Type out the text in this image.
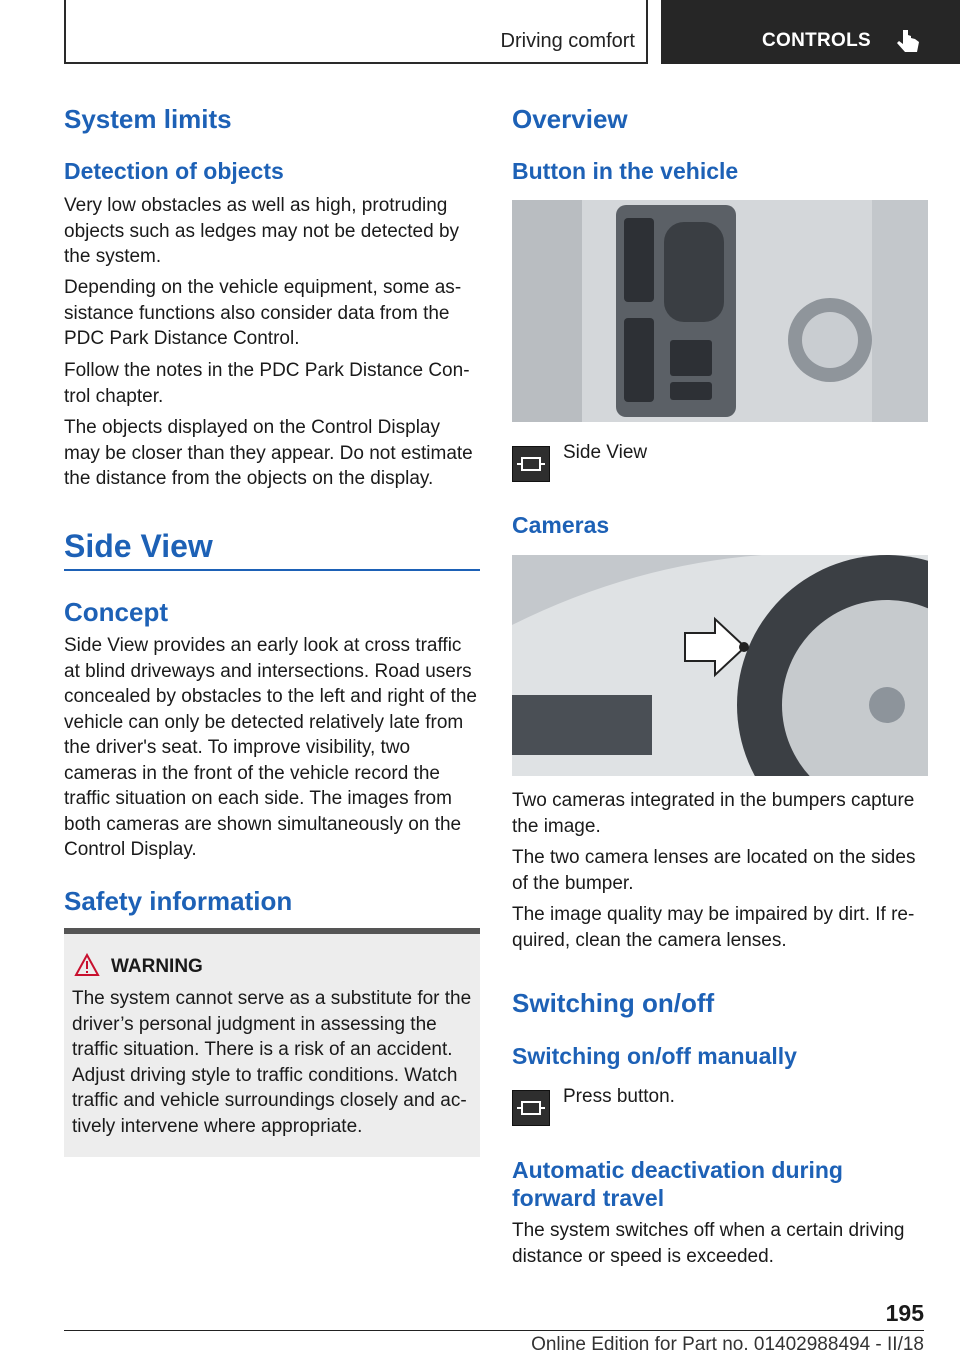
Driving comfort	CONTROLS
System limits
Detection of objects
Very low obstacles as well as high, protruding objects such as ledges may not be detected by the system.
Depending on the vehicle equipment, some assistance functions also consider data from the PDC Park Distance Control.
Follow the notes in the PDC Park Distance Control chapter.
The objects displayed on the Control Display may be closer than they appear. Do not estimate the distance from the objects on the display.
Side View
Concept
Side View provides an early look at cross traffic at blind driveways and intersections. Road users concealed by obstacles to the left and right of the vehicle can only be detected relatively late from the driver's seat. To improve visibility, two cameras in the front of the vehicle record the traffic situation on each side. The images from both cameras are shown simultaneously on the Control Display.
Safety information
WARNING
The system cannot serve as a substitute for the driver’s personal judgment in assessing the traffic situation. There is a risk of an accident. Adjust driving style to traffic conditions. Watch traffic and vehicle surroundings closely and actively intervene where appropriate.
Overview
Button in the vehicle
Side View
Cameras
Two cameras integrated in the bumpers capture the image.
The two camera lenses are located on the sides of the bumper.
The image quality may be impaired by dirt. If required, clean the camera lenses.
Switching on/off
Switching on/off manually
Press button.
Automatic deactivation during forward travel
The system switches off when a certain driving distance or speed is exceeded.
195
Online Edition for Part no. 01402988494 - II/18
